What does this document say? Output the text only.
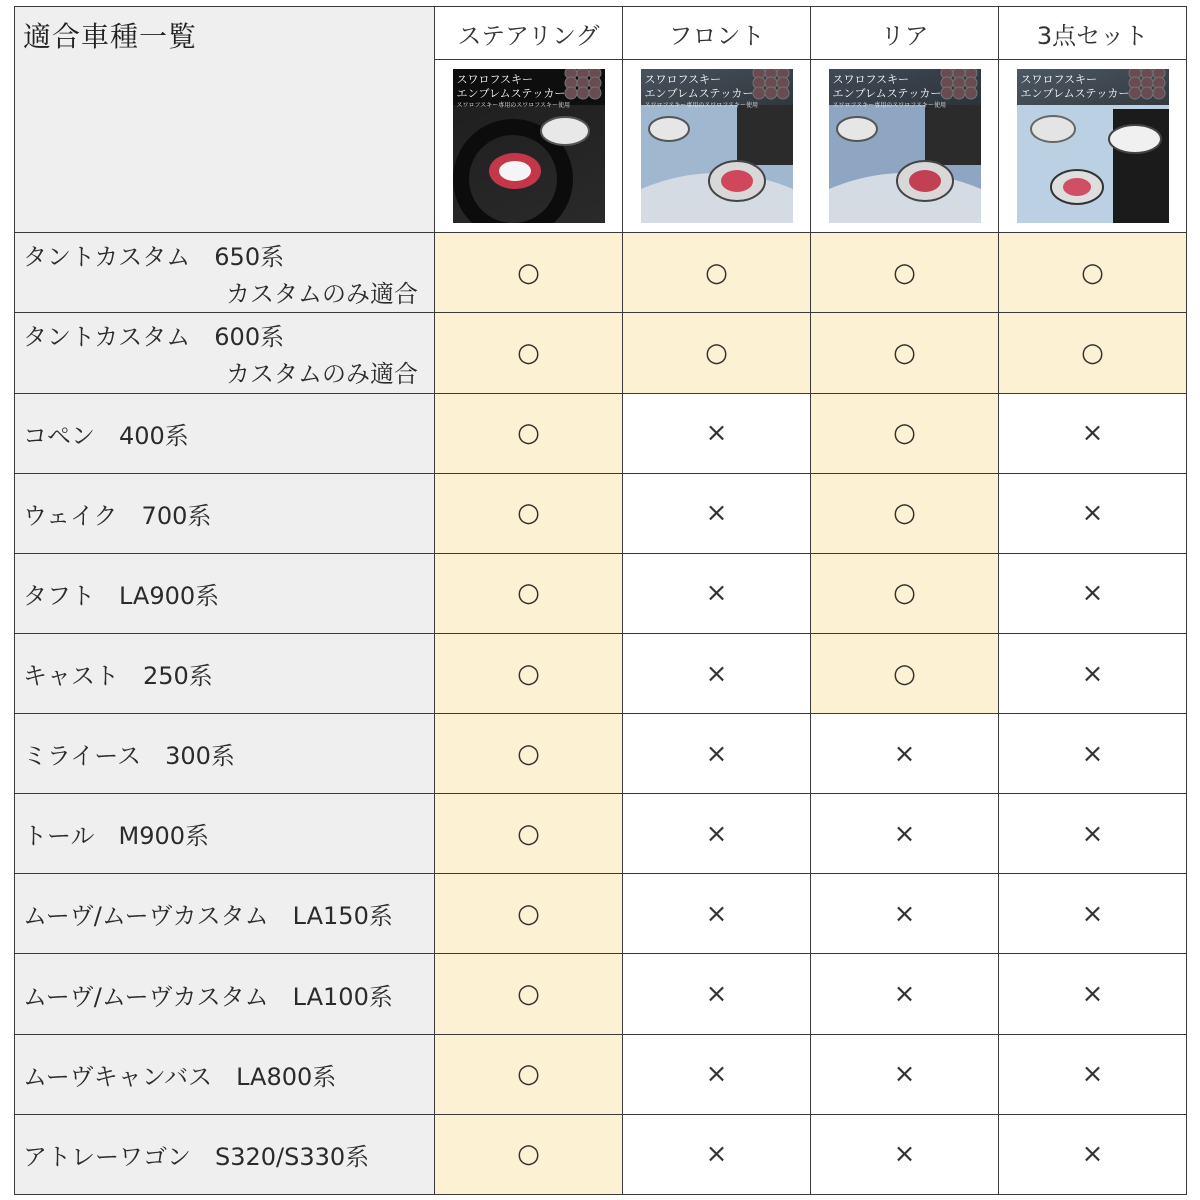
適合車種一覧	ステアリング	フロント	リア	3点セット

	スワロフスキー
エンブレムステッカー
スワロフスキー専用のスワロフスキー使用	スワロフスキー
エンブレムステッカー
スワロフスキー専用のスワロフスキー使用	スワロフスキー
エンブレムステッカー
スワロフスキー専用のスワロフスキー使用	スワロフスキー
エンブレムステッカー

タントカスタム　650系
カスタムのみ適合	○	○	○	○

タントカスタム　600系
カスタムのみ適合	○	○	○	○

コペン　400系	○	×	○	×

ウェイク　700系	○	×	○	×

タフト　LA900系	○	×	○	×

キャスト　250系	○	×	○	×

ミライース　300系	○	×	×	×

トール　M900系	○	×	×	×

ムーヴ/ムーヴカスタム　LA150系	○	×	×	×

ムーヴ/ムーヴカスタム　LA100系	○	×	×	×

ムーヴキャンバス　LA800系	○	×	×	×

アトレーワゴン　S320/S330系	○	×	×	×
